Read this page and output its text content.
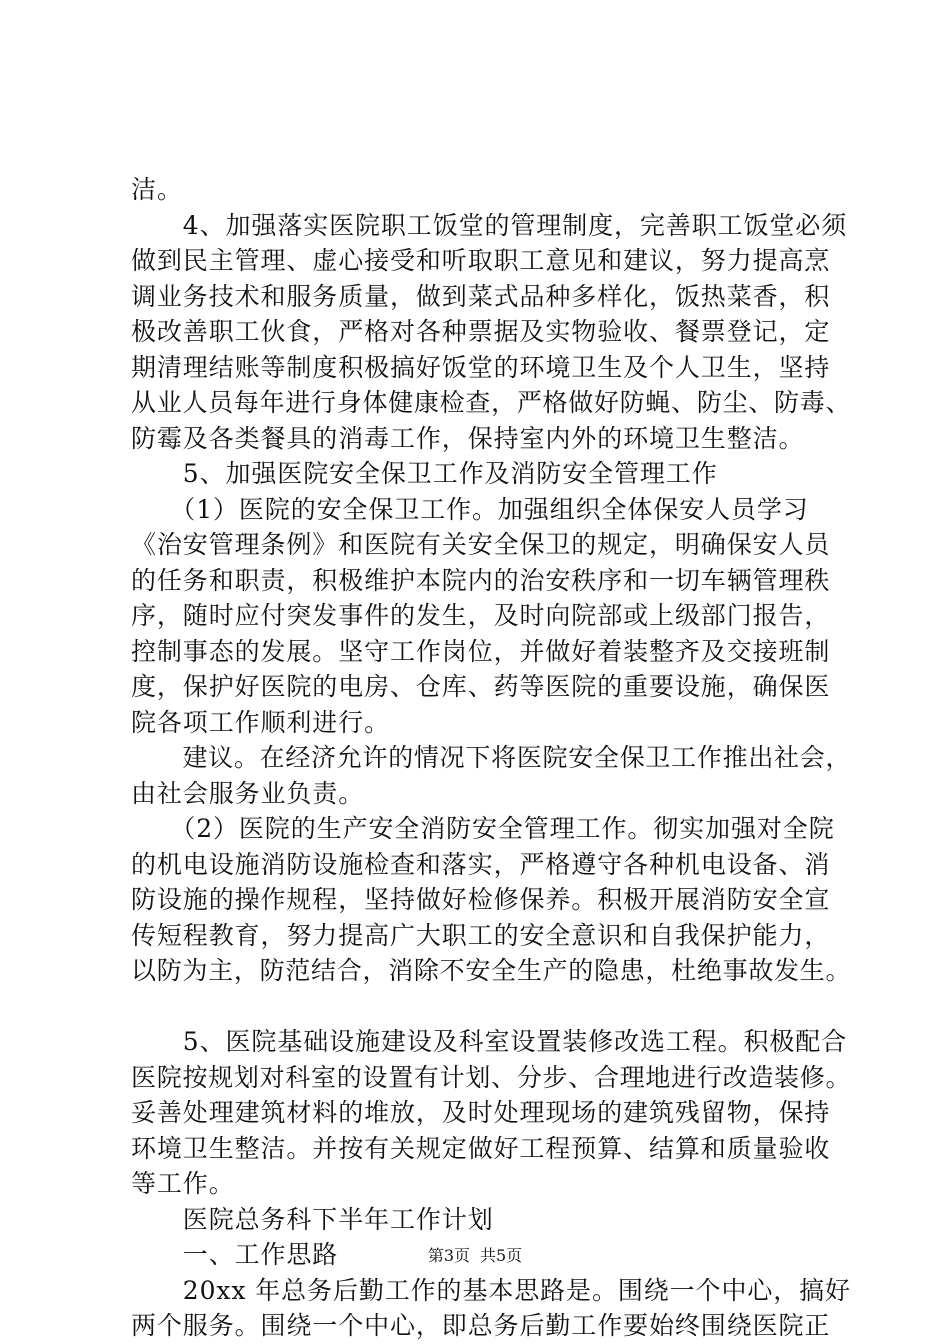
洁。
　　4、加强落实医院职工饭堂的管理制度，完善职工饭堂必须
做到民主管理、虚心接受和听取职工意见和建议，努力提高烹
调业务技术和服务质量，做到菜式品种多样化，饭热菜香，积
极改善职工伙食，严格对各种票据及实物验收、餐票登记，定
期清理结账等制度积极搞好饭堂的环境卫生及个人卫生，坚持
从业人员每年进行身体健康检查，严格做好防蝇、防尘、防毒、
防霉及各类餐具的消毒工作，保持室内外的环境卫生整洁。
　　5、加强医院安全保卫工作及消防安全管理工作
　　（1）医院的安全保卫工作。加强组织全体保安人员学习
《治安管理条例》和医院有关安全保卫的规定，明确保安人员
的任务和职责，积极维护本院内的治安秩序和一切车辆管理秩
序，随时应付突发事件的发生，及时向院部或上级部门报告，
控制事态的发展。坚守工作岗位，并做好着装整齐及交接班制
度，保护好医院的电房、仓库、药等医院的重要设施，确保医
院各项工作顺利进行。
　　建议。在经济允许的情况下将医院安全保卫工作推出社会，
由社会服务业负责。
　　（2）医院的生产安全消防安全管理工作。彻实加强对全院
的机电设施消防设施检查和落实，严格遵守各种机电设备、消
防设施的操作规程，坚持做好检修保养。积极开展消防安全宣
传短程教育，努力提高广大职工的安全意识和自我保护能力，
以防为主，防范结合，消除不安全生产的隐患，杜绝事故发生。
　　5、医院基础设施建设及科室设置装修改选工程。积极配合
医院按规划对科室的设置有计划、分步、合理地进行改造装修。
妥善处理建筑材料的堆放，及时处理现场的建筑残留物，保持
环境卫生整洁。并按有关规定做好工程预算、结算和质量验收
等工作。
　　医院总务科下半年工作计划
　　一、工作思路
　　20xx 年总务后勤工作的基本思路是。围绕一个中心，搞好
两个服务。围绕一个中心，即总务后勤工作要始终围绕医院正
第3页 共5页
